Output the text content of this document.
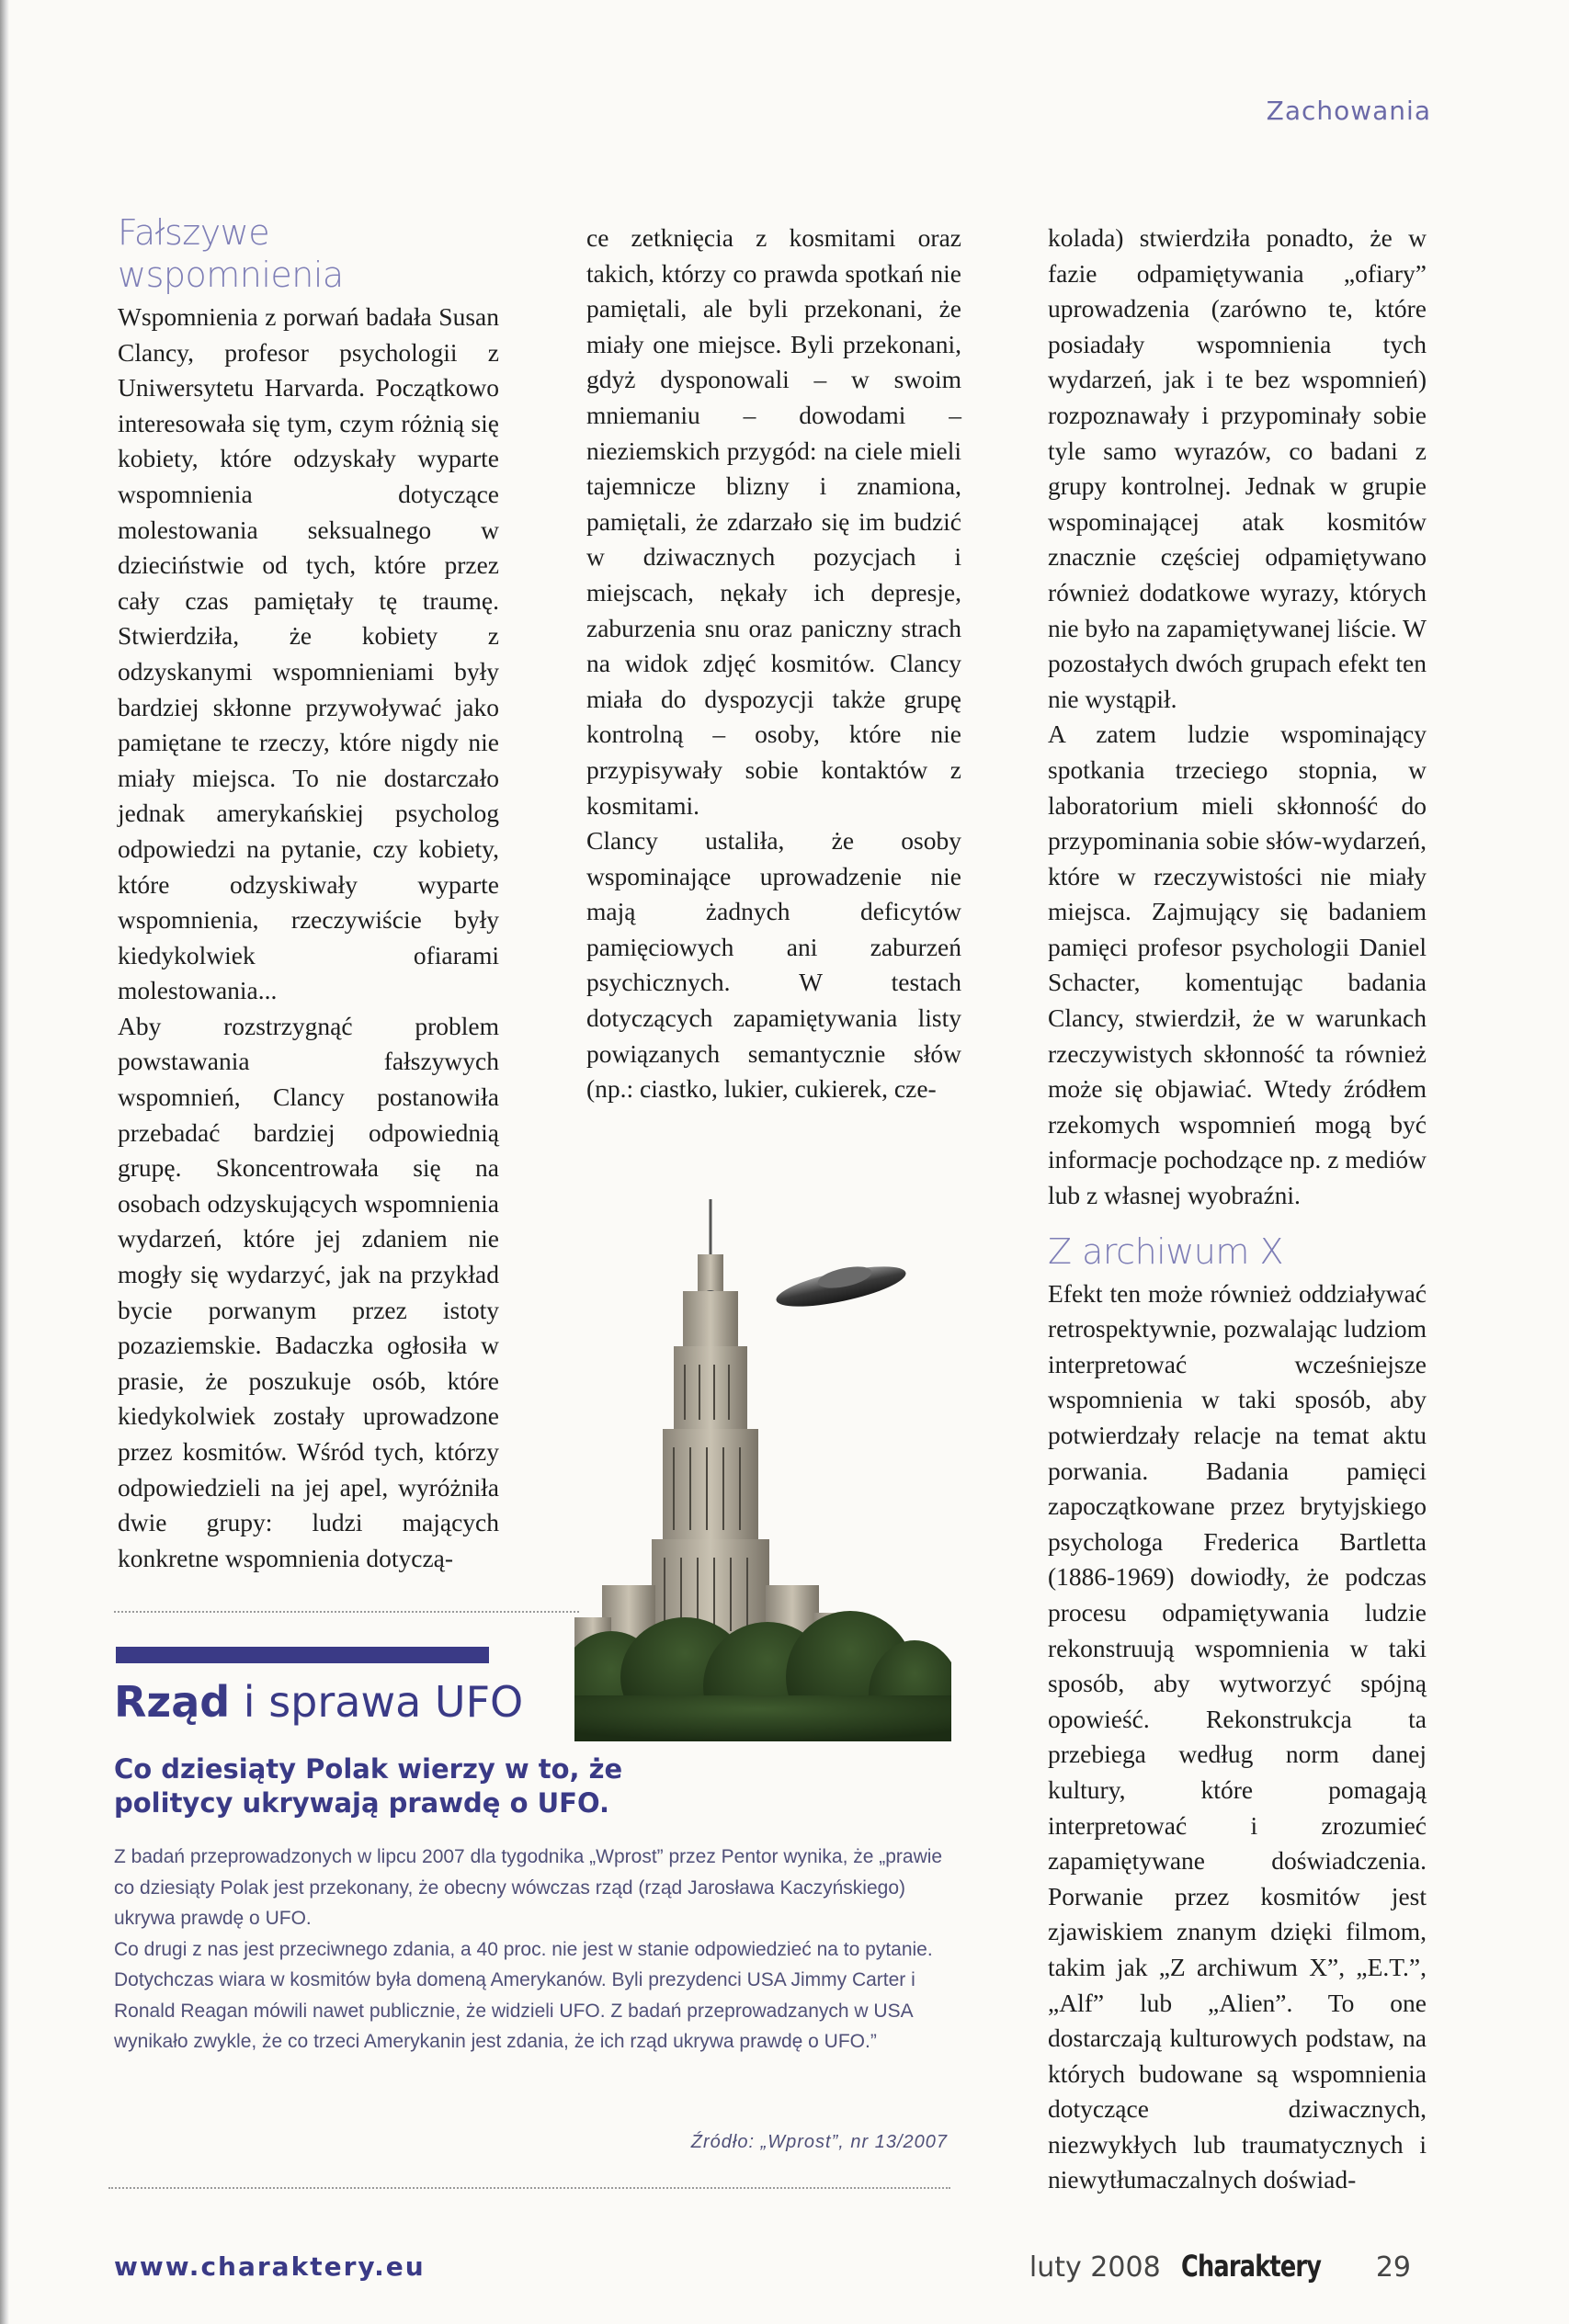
Zachowania
Fałszywe wspomnienia

Wspomnienia z porwań badała Susan Clancy, profesor psychologii z Uniwersytetu Harvarda. Początkowo interesowała się tym, czym różnią się kobiety, które odzyskały wyparte wspomnienia dotyczące molestowania seksualnego w dzieciństwie od tych, które przez cały czas pamiętały tę traumę. Stwierdziła, że kobiety z odzyskanymi wspomnieniami były bardziej skłonne przywoływać jako pamiętane te rzeczy, które nigdy nie miały miejsca. To nie dostarczało jednak amerykańskiej psycholog odpowiedzi na pytanie, czy kobiety, które odzyskiwały wyparte wspomnienia, rzeczywiście były kiedykolwiek ofiarami molestowania...

Aby rozstrzygnąć problem powstawania fałszywych wspomnień, Clancy postanowiła przebadać bardziej odpowiednią grupę. Skoncentrowała się na osobach odzyskujących wspomnienia wydarzeń, które jej zdaniem nie mogły się wydarzyć, jak na przykład bycie porwanym przez istoty pozaziemskie. Badaczka ogłosiła w prasie, że poszukuje osób, które kiedykolwiek zostały uprowadzone przez kosmitów. Wśród tych, którzy odpowiedzieli na jej apel, wyróżniła dwie grupy: ludzi mających konkretne wspomnienia dotyczą-

ce zetknięcia z kosmitami oraz takich, którzy co prawda spotkań nie pamiętali, ale byli przekonani, że miały one miejsce. Byli przekonani, gdyż dysponowali – w swoim mniemaniu – dowodami – nieziemskich przygód: na ciele mieli tajemnicze blizny i znamiona, pamiętali, że zdarzało się im budzić w dziwacznych pozycjach i miejscach, nękały ich depresje, zaburzenia snu oraz paniczny strach na widok zdjęć kosmitów. Clancy miała do dyspozycji także grupę kontrolną – osoby, które nie przypisywały sobie kontaktów z kosmitami.

Clancy ustaliła, że osoby wspominające uprowadzenie nie mają żadnych deficytów pamięciowych ani zaburzeń psychicznych. W testach dotyczących zapamiętywania listy powiązanych semantycznie słów (np.: ciastko, lukier, cukierek, cze-

kolada) stwierdziła ponadto, że w fazie odpamiętywania „ofiary” uprowadzenia (zarówno te, które posiadały wspomnienia tych wydarzeń, jak i te bez wspomnień) rozpoznawały i przypominały sobie tyle samo wyrazów, co badani z grupy kontrolnej. Jednak w grupie wspominającej atak kosmitów znacznie częściej odpamiętywano również dodatkowe wyrazy, których nie było na zapamiętywanej liście. W pozostałych dwóch grupach efekt ten nie wystąpił.

A zatem ludzie wspominający spotkania trzeciego stopnia, w laboratorium mieli skłonność do przypominania sobie słów-wydarzeń, które w rzeczywistości nie miały miejsca. Zajmujący się badaniem pamięci profesor psychologii Daniel Schacter, komentując badania Clancy, stwierdził, że w warunkach rzeczywistych skłonność ta również może się objawiać. Wtedy źródłem rzekomych wspomnień mogą być informacje pochodzące np. z mediów lub z własnej wyobraźni.

Z archiwum X

Efekt ten może również oddziaływać retrospektywnie, pozwalając ludziom interpretować wcześniejsze wspomnienia w taki sposób, aby potwierdzały relacje na temat aktu porwania. Badania pamięci zapoczątkowane przez brytyjskiego psychologa Frederica Bartletta (1886-1969) dowiodły, że podczas procesu odpamiętywania ludzie rekonstruują wspomnienia w taki sposób, aby wytworzyć spójną opowieść. Rekonstrukcja ta przebiega według norm danej kultury, które pomagają interpretować i zrozumieć zapamiętywane doświadczenia. Porwanie przez kosmitów jest zjawiskiem znanym dzięki filmom, takim jak „Z archiwum X”, „E.T.”, „Alf” lub „Alien”. To one dostarczają kulturowych podstaw, na których budowane są wspomnienia dotyczące dziwacznych, niezwykłych lub traumatycznych i niewytłumaczalnych doświad-

Rząd i sprawa UFO
Co dziesiąty Polak wierzy w to, że politycy ukrywają prawdę o UFO.

Z badań przeprowadzonych w lipcu 2007 dla tygodnika „Wprost” przez Pentor wynika, że „prawie co dziesiąty Polak jest przekonany, że obecny wówczas rząd (rząd Jarosława Kaczyńskiego) ukrywa prawdę o UFO.

Co drugi z nas jest przeciwnego zdania, a 40 proc. nie jest w stanie odpowiedzieć na to pytanie. Dotychczas wiara w kosmitów była domeną Amerykanów. Byli prezydenci USA Jimmy Carter i Ronald Reagan mówili nawet publicznie, że widzieli UFO. Z badań przeprowadzanych w USA wynikało zwykle, że co trzeci Amerykanin jest zdania, że ich rząd ukrywa prawdę o UFO.”

Źródło: „Wprost”, nr 13/2007
www.charaktery.eu	luty 2008 Charaktery 29
